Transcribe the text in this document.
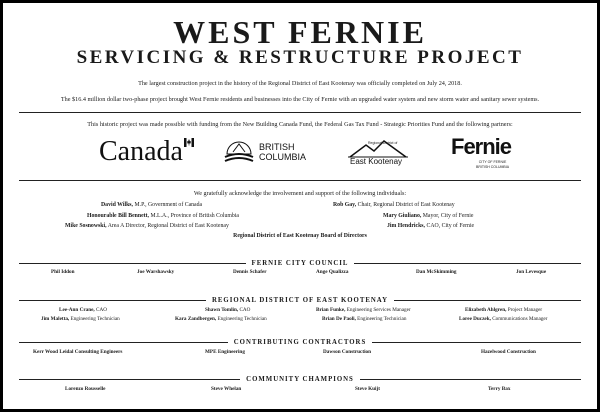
WEST FERNIE
SERVICING & RESTRUCTURE PROJECT
The largest construction project in the history of the Regional District of East Kootenay was officially completed on July 24, 2018.
The $16.4 million dollar two-phase project brought West Fernie residents and businesses into the City of Fernie with an upgraded water system and new storm water and sanitary sewer systems.
This historic project was made possible with funding from the New Building Canada Fund, the Federal Gas Tax Fund - Strategic Priorities Fund and the following partners:
Canada	BRITISH
COLUMBIA
Regional District of
East Kootenay
Fernie
CITY OF FERNIE
BRITISH COLUMBIA
We gratefully acknowledge the involvement and support of the following individuals:
David Wilks, M.P., Government of Canada	Rob Gay, Chair, Regional District of East Kootenay
Honourable Bill Bennett, M.L.A., Province of British Columbia	Mary Giuliano, Mayor, City of Fernie
Mike Sosnowski, Area A Director, Regional District of East Kootenay	Jim Hendricks, CAO, City of Fernie
Regional District of East Kootenay Board of Directors
FERNIE CITY COUNCIL
Phil Iddon	Joe Warshawsky	Dennis Schafer	Ange Qualizza	Dan McSkimming	Jon Levesque
REGIONAL DISTRICT OF EAST KOOTENAY
Lee-Ann Crane, CAO	Shawn Tomlin, CAO	Brian Funke, Engineering Services Manager	Elizabeth Ahlgren, Project Manager
Jim Maletta, Engineering Technician	Kara Zandbergen, Engineering Technician	Brian De Paoli, Engineering Technician	Loree Duczek, Communications Manager
CONTRIBUTING CONTRACTORS
Kerr Wood Leidal Consulting Engineers	MPE Engineering	Dawson Construction	Hazelwood Construction
COMMUNITY CHAMPIONS
Lorenzo Rousselle	Steve Whelan	Steve Kuijt	Terry Bax
